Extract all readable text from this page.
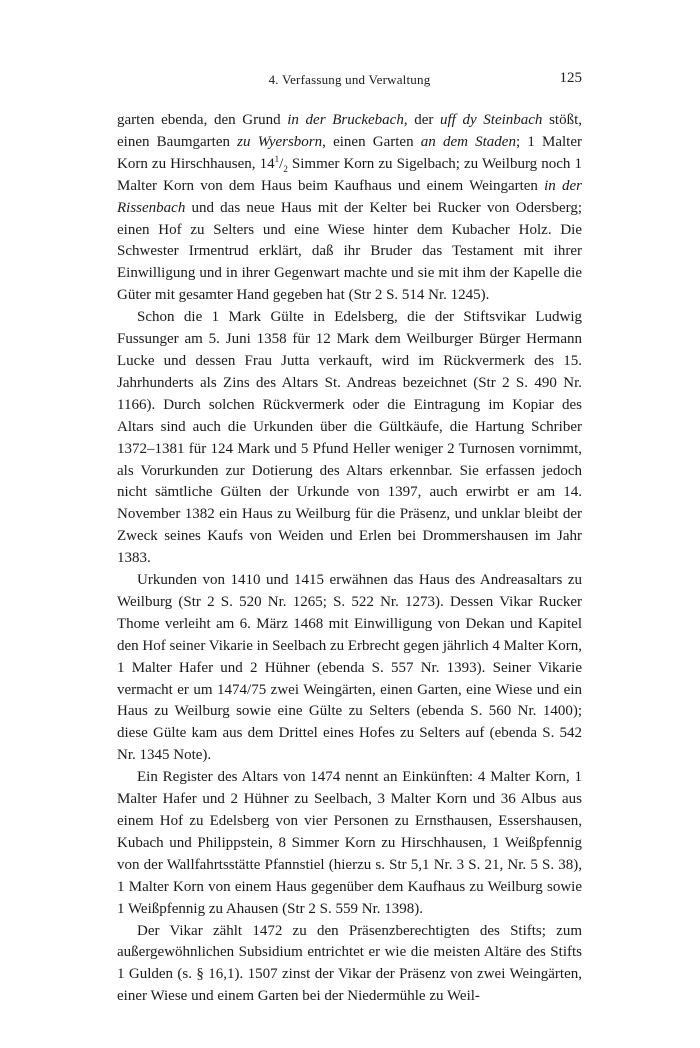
4. Verfassung und Verwaltung	125

garten ebenda, den Grund in der Bruckebach, der uff dy Steinbach stößt, einen Baumgarten zu Wyersborn, einen Garten an dem Staden; 1 Malter Korn zu Hirschhausen, $14^1/_2$ Simmer Korn zu Sigelbach; zu Weilburg noch 1 Malter Korn von dem Haus beim Kaufhaus und einem Weingarten in der Rissenbach und das neue Haus mit der Kelter bei Rucker von Odersberg; einen Hof zu Selters und eine Wiese hinter dem Kubacher Holz. Die Schwester Irmentrud erklärt, daß ihr Bruder das Testament mit ihrer Einwilligung und in ihrer Gegenwart machte und sie mit ihm der Kapelle die Güter mit gesamter Hand gegeben hat (Str 2 S. 514 Nr. 1245).

Schon die 1 Mark Gülte in Edelsberg, die der Stiftsvikar Ludwig Fussunger am 5. Juni 1358 für 12 Mark dem Weilburger Bürger Hermann Lucke und dessen Frau Jutta verkauft, wird im Rückvermerk des 15. Jahrhunderts als Zins des Altars St. Andreas bezeichnet (Str 2 S. 490 Nr. 1166). Durch solchen Rückvermerk oder die Eintragung im Kopiar des Altars sind auch die Urkunden über die Gültkäufe, die Hartung Schriber 1372–1381 für 124 Mark und 5 Pfund Heller weniger 2 Turnosen vornimmt, als Vorurkunden zur Dotierung des Altars erkennbar. Sie erfassen jedoch nicht sämtliche Gülten der Urkunde von 1397, auch erwirbt er am 14. November 1382 ein Haus zu Weilburg für die Präsenz, und unklar bleibt der Zweck seines Kaufs von Weiden und Erlen bei Drommershausen im Jahr 1383.

Urkunden von 1410 und 1415 erwähnen das Haus des Andreasaltars zu Weilburg (Str 2 S. 520 Nr. 1265; S. 522 Nr. 1273). Dessen Vikar Rucker Thome verleiht am 6. März 1468 mit Einwilligung von Dekan und Kapitel den Hof seiner Vikarie in Seelbach zu Erbrecht gegen jährlich 4 Malter Korn, 1 Malter Hafer und 2 Hühner (ebenda S. 557 Nr. 1393). Seiner Vikarie vermacht er um 1474/75 zwei Weingärten, einen Garten, eine Wiese und ein Haus zu Weilburg sowie eine Gülte zu Selters (ebenda S. 560 Nr. 1400); diese Gülte kam aus dem Drittel eines Hofes zu Selters auf (ebenda S. 542 Nr. 1345 Note).

Ein Register des Altars von 1474 nennt an Einkünften: 4 Malter Korn, 1 Malter Hafer und 2 Hühner zu Seelbach, 3 Malter Korn und 36 Albus aus einem Hof zu Edelsberg von vier Personen zu Ernsthausen, Essershausen, Kubach und Philippstein, 8 Simmer Korn zu Hirschhausen, 1 Weißpfennig von der Wallfahrtsstätte Pfannstiel (hierzu s. Str 5,1 Nr. 3 S. 21, Nr. 5 S. 38), 1 Malter Korn von einem Haus gegenüber dem Kaufhaus zu Weilburg sowie 1 Weißpfennig zu Ahausen (Str 2 S. 559 Nr. 1398).

Der Vikar zählt 1472 zu den Präsenzberechtigten des Stifts; zum außergewöhnlichen Subsidium entrichtet er wie die meisten Altäre des Stifts 1 Gulden (s. § 16,1). 1507 zinst der Vikar der Präsenz von zwei Weingärten, einer Wiese und einem Garten bei der Niedermühle zu Weil-
